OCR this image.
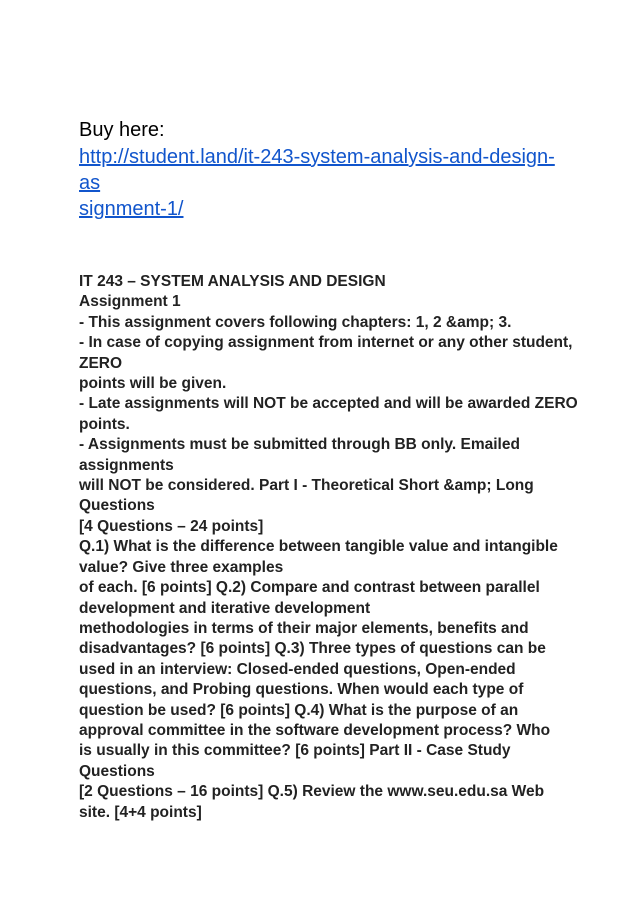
Buy here:

http://student.land/it-243-system-analysis-and-design-as
signment-1/
IT 243 – SYSTEM ANALYSIS AND DESIGN
Assignment 1
- This assignment covers following chapters: 1, 2 &amp; 3.
- In case of copying assignment from internet or any other student,
ZERO
points will be given.
- Late assignments will NOT be accepted and will be awarded ZERO
points.
- Assignments must be submitted through BB only. Emailed
assignments
will NOT be considered. Part I - Theoretical Short &amp; Long
Questions
[4 Questions – 24 points]
Q.1) What is the difference between tangible value and intangible
value? Give three examples
of each. [6 points] Q.2) Compare and contrast between parallel
development and iterative development
methodologies in terms of their major elements, benefits and
disadvantages? [6 points] Q.3) Three types of questions can be
used in an interview: Closed-ended questions, Open-ended
questions, and Probing questions. When would each type of
question be used? [6 points] Q.4) What is the purpose of an
approval committee in the software development process? Who
is usually in this committee? [6 points] Part II - Case Study
Questions
[2 Questions – 16 points] Q.5) Review the www.seu.edu.sa Web
site. [4+4 points]
